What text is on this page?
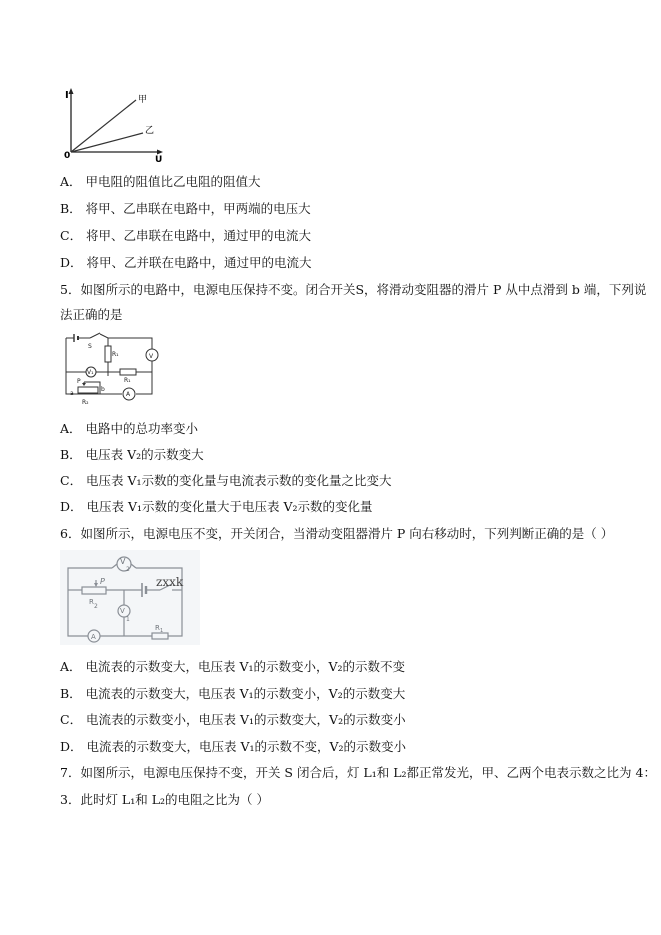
I
U
0
甲
乙
A． 甲电阻的阻值比乙电阻的阻值大
B． 将甲、乙串联在电路中，甲两端的电压大
C． 将甲、乙串联在电路中，通过甲的电流大
D． 将甲、乙并联在电路中，通过甲的电流大
5．如图所示的电路中，电源电压保持不变。闭合开关S，将滑动变阻器的滑片 P 从中点滑到 b 端，下列说
法正确的是
S
R₁	V
V₁
R₁
P
a
b
R₂
A
A． 电路中的总功率变小
B． 电压表 V₂的示数变大
C． 电压表 V₁示数的变化量与电流表示数的变化量之比变大
D． 电压表 V₁示数的变化量大于电压表 V₂示数的变化量
6．如图所示，电源电压不变，开关闭合，当滑动变阻器滑片 P 向右移动时，下列判断正确的是（ ）
V
2
P
R
2
V
1
R 1
A
zxxk
A． 电流表的示数变大，电压表 V₁的示数变小，V₂的示数不变
B． 电流表的示数变大，电压表 V₁的示数变小，V₂的示数变大
C． 电流表的示数变小，电压表 V₁的示数变大，V₂的示数变小
D． 电流表的示数变大，电压表 V₁的示数不变，V₂的示数变小
7．如图所示，电源电压保持不变，开关 S 闭合后，灯 L₁和 L₂都正常发光，甲、乙两个电表示数之比为 4：
3．此时灯 L₁和 L₂的电阻之比为（ ）
